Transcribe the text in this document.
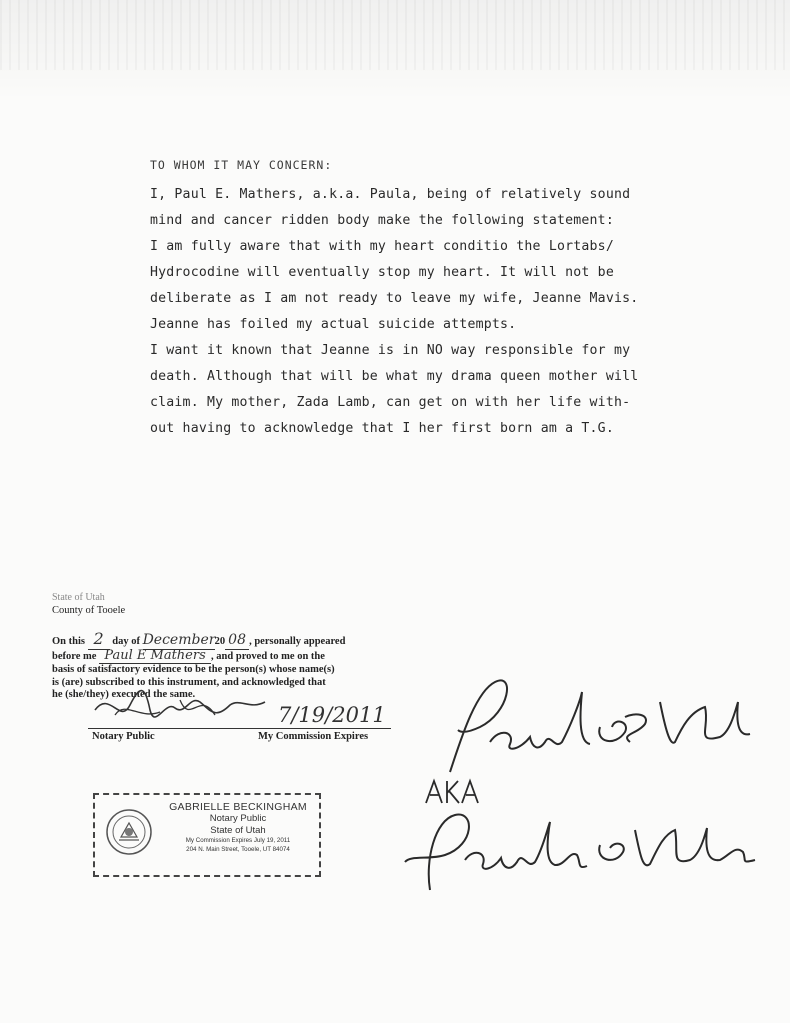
TO WHOM IT MAY CONCERN:
I, Paul E. Mathers, a.k.a. Paula, being of relatively sound
mind and cancer ridden body make the following statement:
I am fully aware that with my heart conditio the Lortabs/
Hydrocodine will eventually stop my heart. It will not be
deliberate as I am not ready to leave my wife, Jeanne Mavis.
Jeanne has foiled my actual suicide attempts.
I want it known that Jeanne is in NO way responsible for my
death. Although that will be what my drama queen mother will
claim. My mother, Zada Lamb, can get on with her life with-
out having to acknowledge that I her first born am a T.G.
State of Utah
County of Tooele
On this 2 day of December20 08 , personally appeared
before me Paul E Mathers , and proved to me on the
basis of satisfactory evidence to be the person(s) whose name(s)
is (are) subscribed to this instrument, and acknowledged that
he (she/they) executed the same.
Notary Public
7/19/2011
My Commission Expires
GABRIELLE BECKINGHAM
Notary Public
State of Utah
My Commission Expires July 19, 2011
204 N. Main Street, Tooele, UT 84074
